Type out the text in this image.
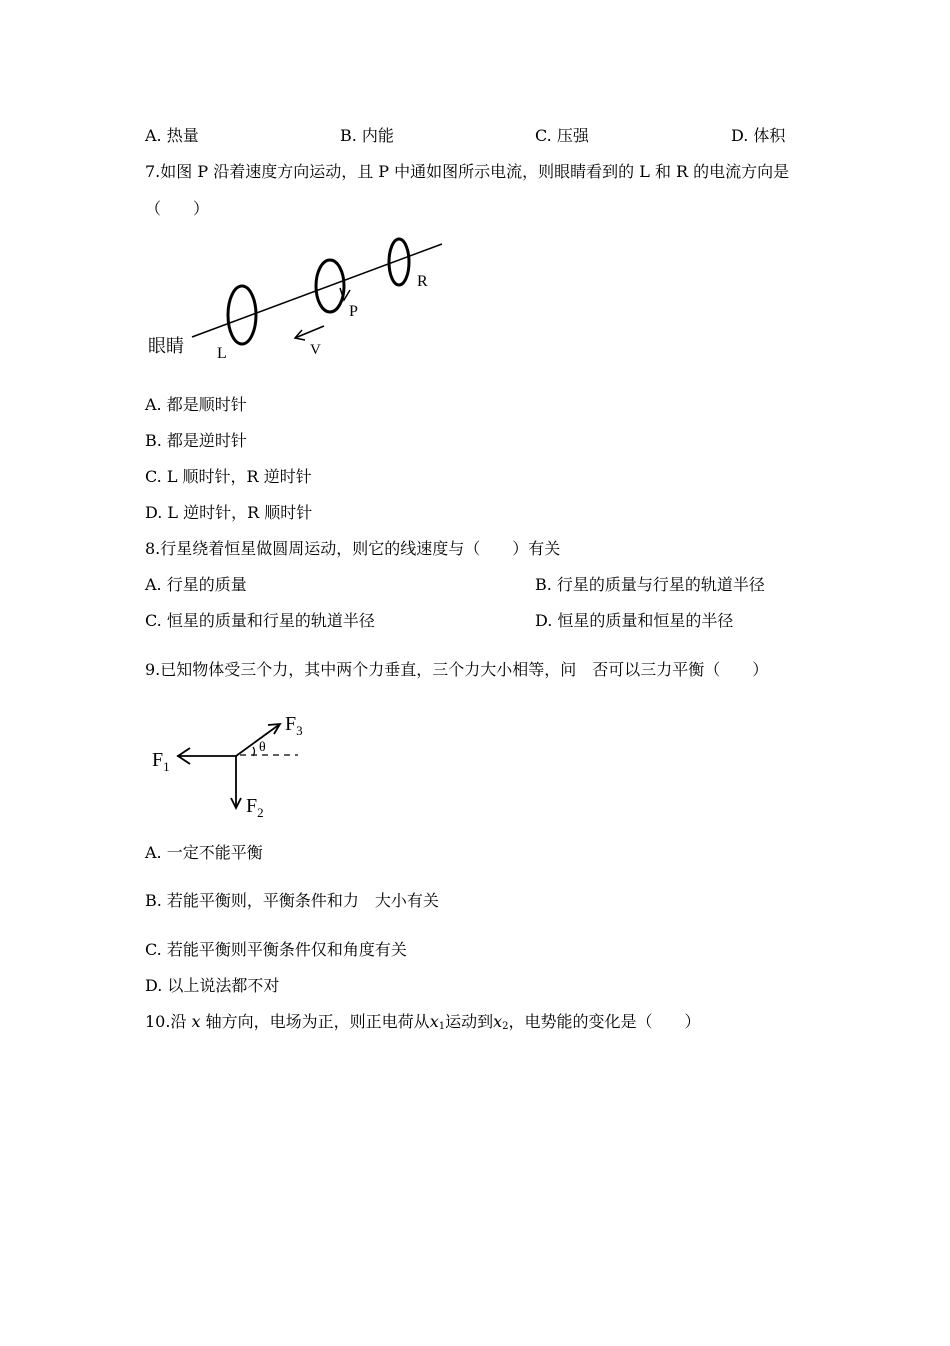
A. 热量	B. 内能	C. 压强	D. 体积
7.如图 P 沿着速度方向运动，且 P 中通如图所示电流，则眼睛看到的 L 和 R 的电流方向是
（　　）
眼睛 L
P
R
V
A. 都是顺时针
B. 都是逆时针
C. L 顺时针，R 逆时针
D. L 逆时针，R 顺时针
8.行星绕着恒星做圆周运动，则它的线速度与（　　）有关
A. 行星的质量	B. 行星的质量与行星的轨道半径
C. 恒星的质量和行星的轨道半径	D. 恒星的质量和恒星的半径
9.已知物体受三个力，其中两个力垂直，三个力大小相等，问　否可以三力平衡（　　）
θ
$F_1$
$F_2$
$F_3$
A. 一定不能平衡
B. 若能平衡则，平衡条件和力　大小有关
C. 若能平衡则平衡条件仅和角度有关
D. 以上说法都不对
10.沿 x 轴方向，电场为正，则正电荷从$x_1$运动到$x_2$，电势能的变化是（　　）
